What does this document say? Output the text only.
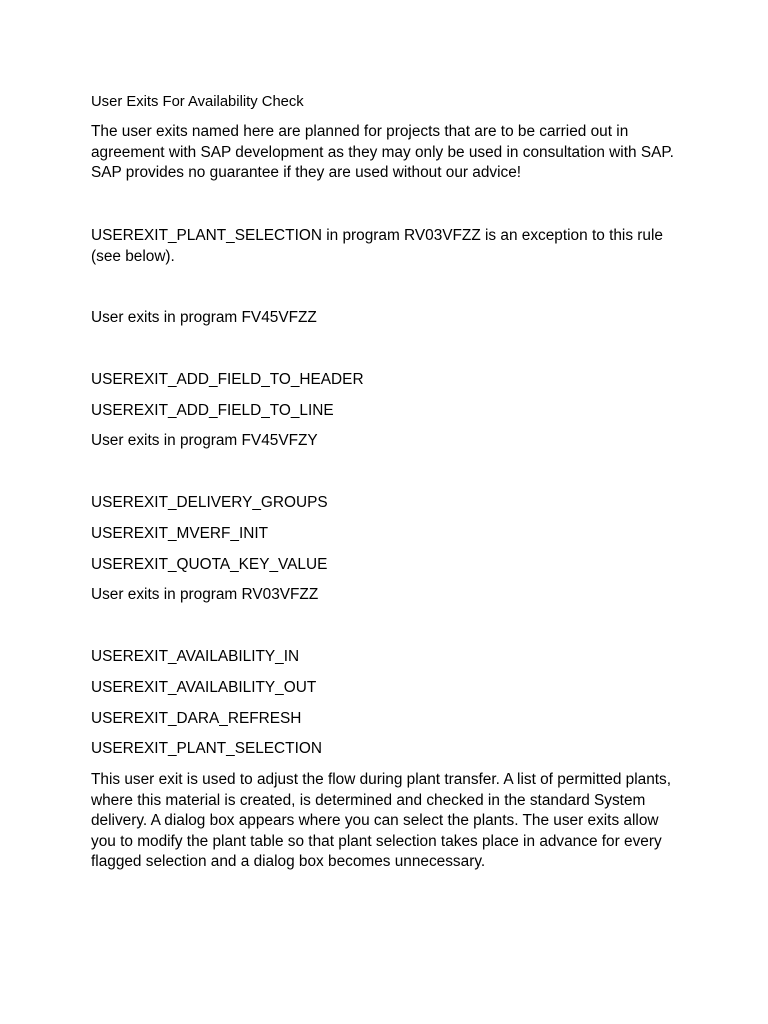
User Exits For Availability Check

The user exits named here are planned for projects that are to be carried out in agreement with SAP development as they may only be used in consultation with SAP. SAP provides no guarantee if they are used without our advice!

USEREXIT_PLANT_SELECTION in program RV03VFZZ is an exception to this rule (see below).

User exits in program FV45VFZZ

USEREXIT_ADD_FIELD_TO_HEADER

USEREXIT_ADD_FIELD_TO_LINE

User exits in program FV45VFZY

USEREXIT_DELIVERY_GROUPS

USEREXIT_MVERF_INIT

USEREXIT_QUOTA_KEY_VALUE

User exits in program RV03VFZZ

USEREXIT_AVAILABILITY_IN

USEREXIT_AVAILABILITY_OUT

USEREXIT_DARA_REFRESH

USEREXIT_PLANT_SELECTION

This user exit is used to adjust the flow during plant transfer. A list of permitted plants, where this material is created, is determined and checked in the standard System delivery. A dialog box appears where you can select the plants. The user exits allow you to modify the plant table so that plant selection takes place in advance for every flagged selection and a dialog box becomes unnecessary.
